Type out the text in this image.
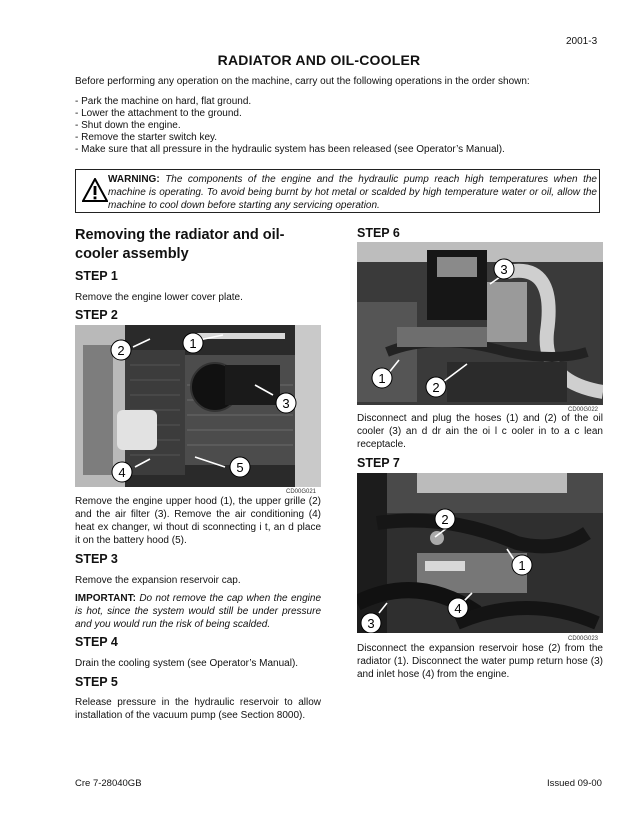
2001-3
RADIATOR AND OIL-COOLER
Before performing any operation on the machine, carry out the following operations in the order shown:
- Park the machine on hard, flat ground.
- Lower the attachment to the ground.
- Shut down the engine.
- Remove the starter switch key.
- Make sure that all pressure in the hydraulic system has been released (see Operator’s Manual).
WARNING: The components of the engine and the hydraulic pump reach high temperatures when the machine is operating. To avoid being burnt by hot metal or scalded by high temperature water or oil, allow the machine to cool down before starting any servicing operation.
Removing the radiator and oil-cooler assembly
STEP 1
Remove the engine lower cover plate.
STEP 2
2	1
3
4	5
CD00G021
Remove the engine upper hood (1), the upper grille (2) and the air filter (3). Remove the air conditioning (4) heat ex changer, wi thout di sconnecting i t, an d place it on the battery hood (5).
STEP 3
Remove the expansion reservoir cap.
IMPORTANT: Do not remove the cap when the engine is hot, since the system would still be under pressure and you would run the risk of being scalded.
STEP 4
Drain the cooling system (see Operator’s Manual).
STEP 5
Release pressure in the hydraulic reservoir to allow installation of the vacuum pump (see Section 8000).
STEP 6
3
1
2
CD00G022
Disconnect and plug the hoses (1) and (2) of the oil cooler (3) an d dr ain the oi l c ooler in to a c lean receptacle.
STEP 7
2
1
3
4
CD00G023
Disconnect the expansion reservoir hose (2) from the radiator (1). Disconnect the water pump return hose (3) and inlet hose (4) from the engine.
Cre 7-28040GB	Issued 09-00
